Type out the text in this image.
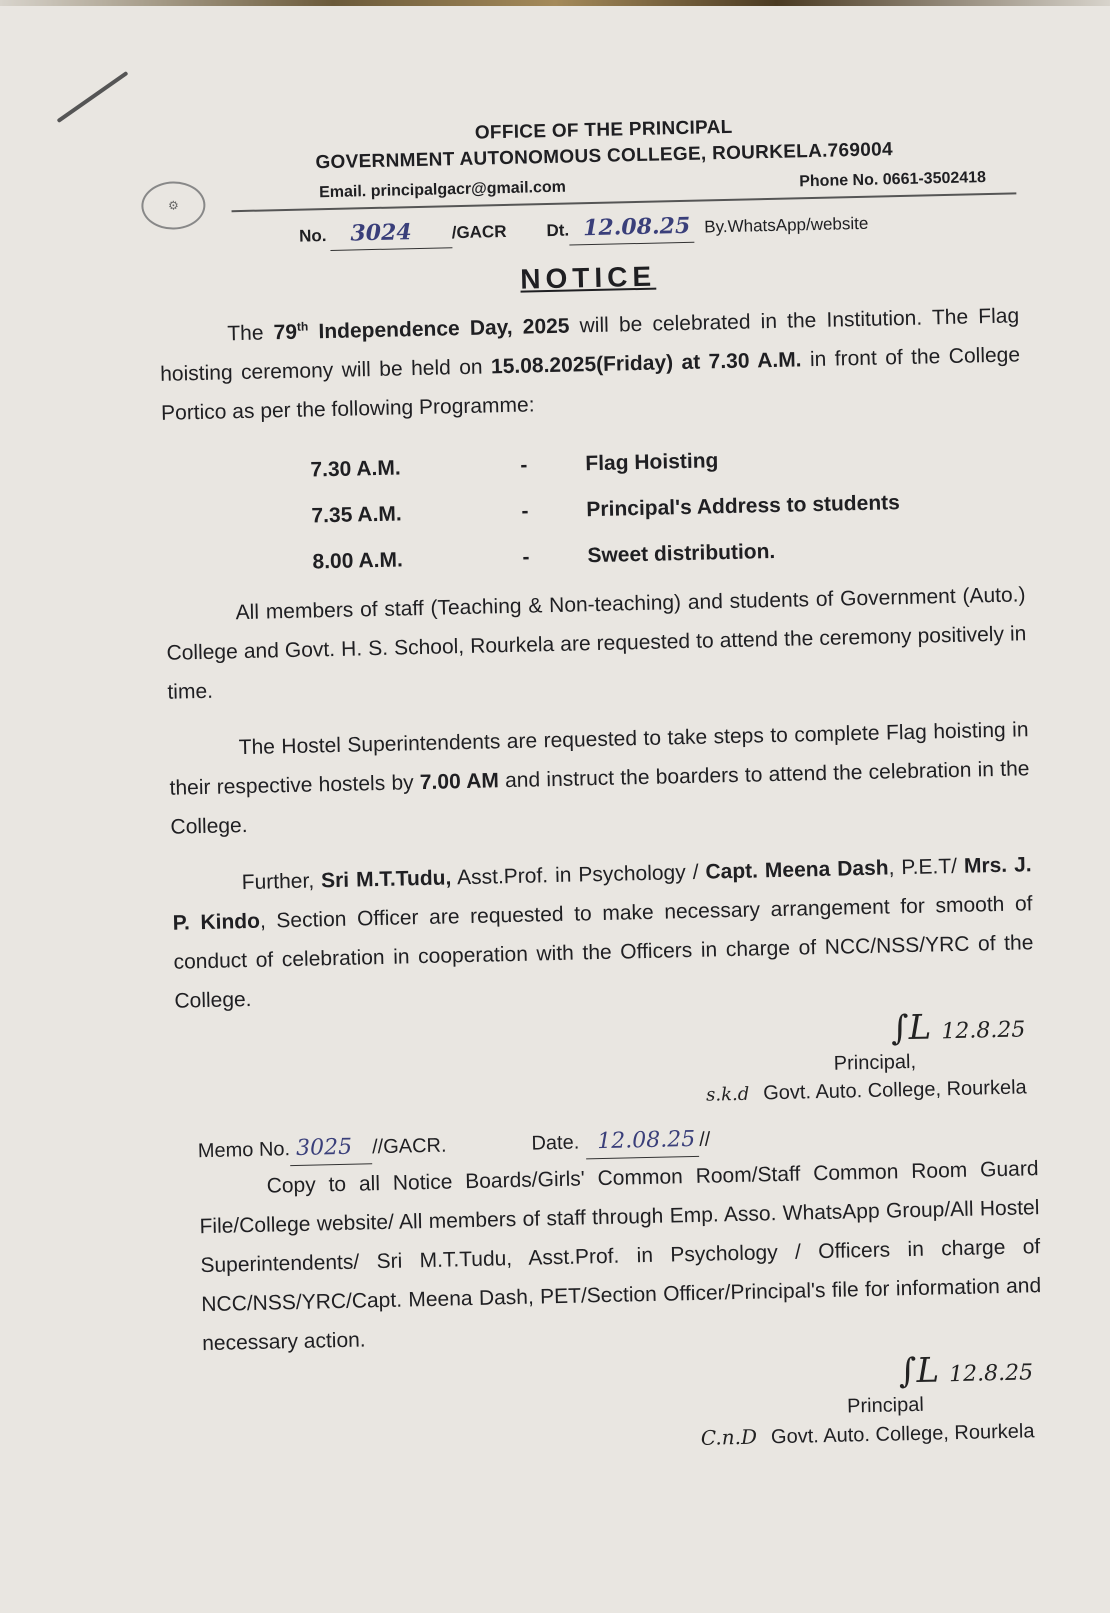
⚙
OFFICE OF THE PRINCIPAL
GOVERNMENT AUTONOMOUS COLLEGE, ROURKELA.769004
Email. principalgacr@gmail.com	Phone No. 0661-3502418
No.	3024	/GACR Dt. 12.08.25 By.WhatsApp/website
NOTICE
The 79th Independence Day, 2025 will be celebrated in the Institution. The Flag hoisting ceremony will be held on 15.08.2025(Friday) at 7.30 A.M. in front of the College Portico as per the following Programme:
7.30 A.M.	-	Flag Hoisting
7.35 A.M.	-	Principal's Address to students
8.00 A.M.	-	Sweet distribution.
All members of staff (Teaching & Non-teaching) and students of Government (Auto.) College and Govt. H. S. School, Rourkela are requested to attend the ceremony positively in time.
The Hostel Superintendents are requested to take steps to complete Flag hoisting in their respective hostels by 7.00 AM and instruct the boarders to attend the celebration in the College.
Further, Sri M.T.Tudu, Asst.Prof. in Psychology / Capt. Meena Dash, P.E.T/ Mrs. J. P. Kindo, Section Officer are requested to make necessary arrangement for smooth of conduct of celebration in cooperation with the Officers in charge of NCC/NSS/YRC of the College.
∫L 12.8.25
Principal,
s.k.d Govt. Auto. College, Rourkela
Memo No. 3025 //GACR.	Date. 12.08.25 //
Copy to all Notice Boards/Girls' Common Room/Staff Common Room Guard File/College website/ All members of staff through Emp. Asso. WhatsApp Group/All Hostel Superintendents/ Sri M.T.Tudu, Asst.Prof. in Psychology / Officers in charge of NCC/NSS/YRC/Capt. Meena Dash, PET/Section Officer/Principal's file for information and necessary action.
∫L 12.8.25
Principal
C.n.D Govt. Auto. College, Rourkela
